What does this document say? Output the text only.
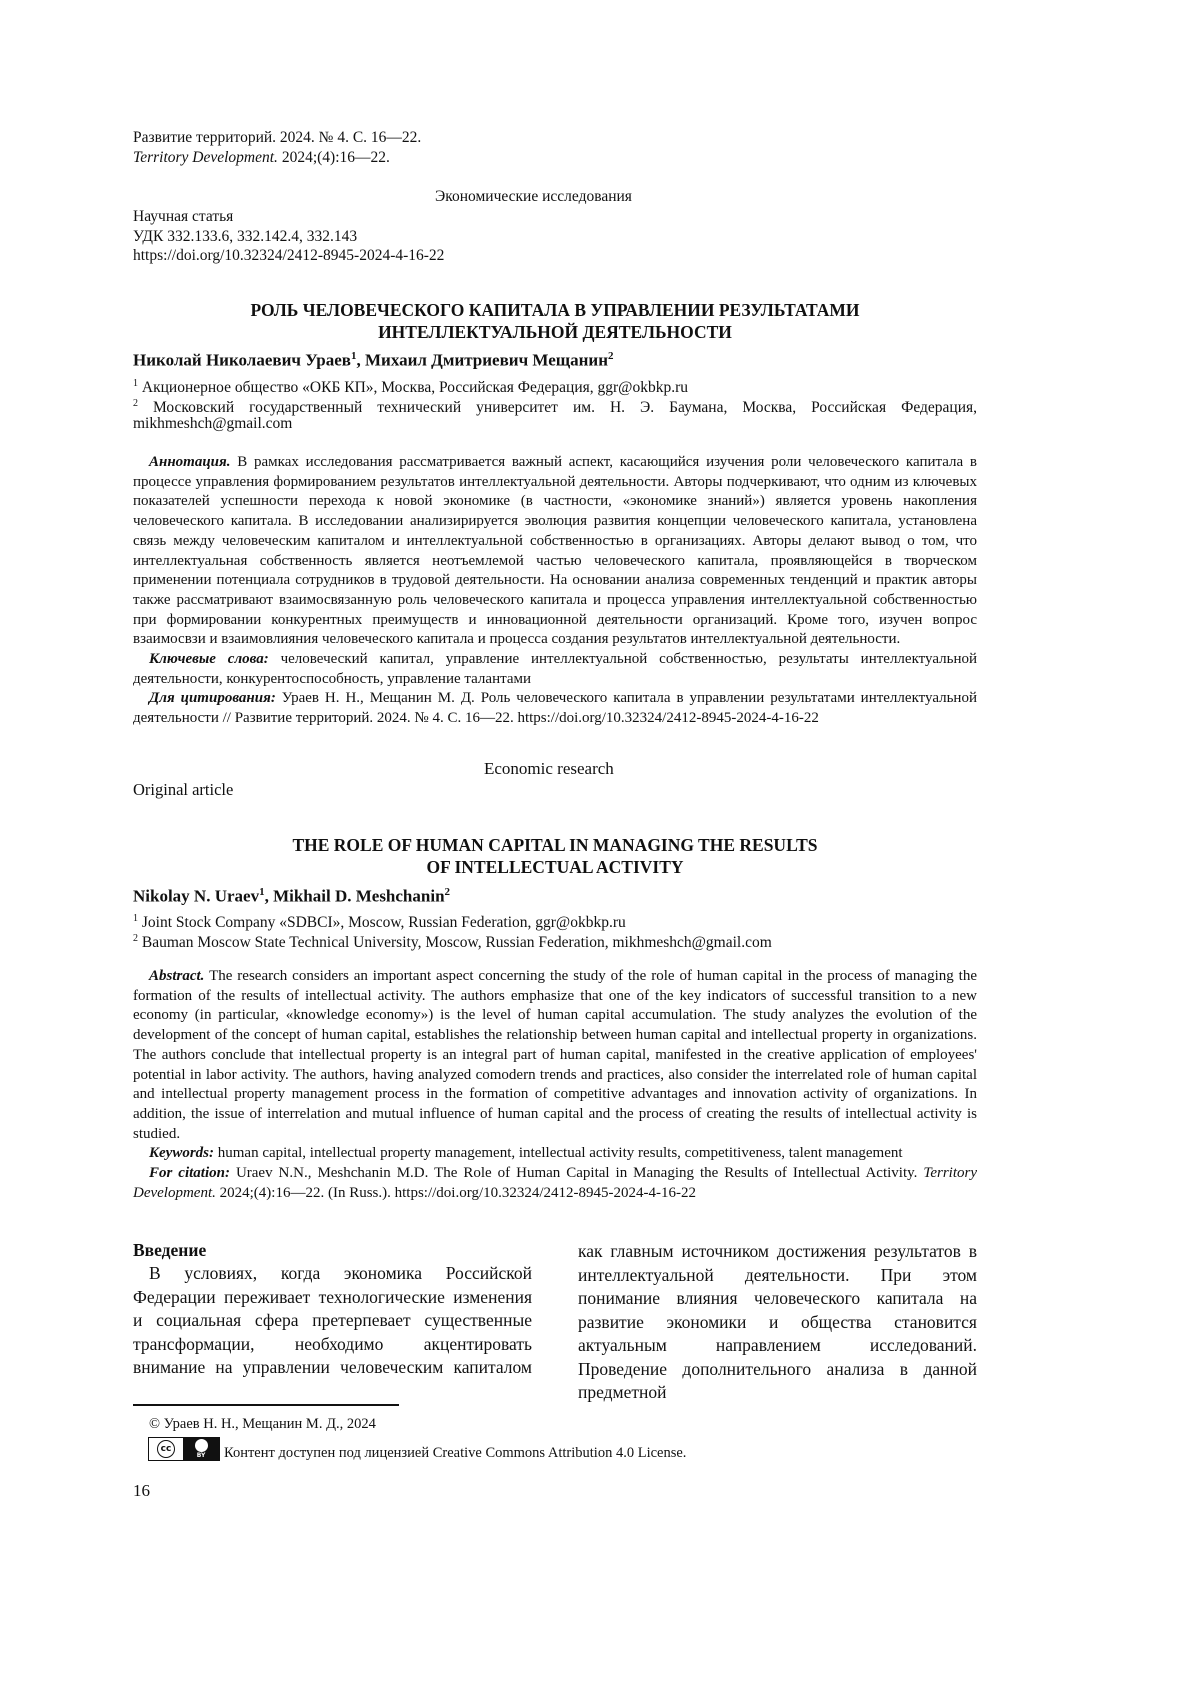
Развитие территорий. 2024. № 4. С. 16—22.
Territory Development. 2024;(4):16—22.
Экономические исследования
Научная статья
УДК 332.133.6, 332.142.4, 332.143
https://doi.org/10.32324/2412-8945-2024-4-16-22
РОЛЬ ЧЕЛОВЕЧЕСКОГО КАПИТАЛА В УПРАВЛЕНИИ РЕЗУЛЬТАТАМИ
ИНТЕЛЛЕКТУАЛЬНОЙ ДЕЯТЕЛЬНОСТИ
Николай Николаевич Ураев$^1$, Михаил Дмитриевич Мещанин$^2$
$^1$ Акционерное общество «ОКБ КП», Москва, Российская Федерация, ggr@okbkp.ru
$^2$ Московский государственный технический университет им. Н. Э. Баумана, Москва, Российская Федерация,
mikhmeshch@gmail.com

Аннотация. В рамках исследования рассматривается важный аспект, касающийся изучения роли человеческого капитала в процессе управления формированием результатов интеллектуальной деятельности. Авторы подчеркивают, что одним из ключевых показателей успешности перехода к новой экономике (в частности, «экономике знаний») является уровень накопления человеческого капитала. В исследовании анализирируется эволюция развития концепции человеческого капитала, установлена связь между человеческим капиталом и интеллектуальной собственностью в организациях. Авторы делают вывод о том, что интеллектуальная собственность является неотъемлемой частью человеческого капитала, проявляющейся в творческом применении потенциала сотрудников в трудовой деятельности. На основании анализа современных тенденций и практик авторы также рассматривают взаимосвязанную роль человеческого капитала и процесса управления интеллектуальной собственностью при формировании конкурентных преимуществ и инновационной деятельности организаций. Кроме того, изучен вопрос взаимосвзи и взаимовлияния человеческого капитала и процесса создания результатов интеллектуальной деятельности.

Ключевые слова: человеческий капитал, управление интеллектуальной собственностью, результаты интеллектуальной деятельности, конкурентоспособность, управление талантами

Для цитирования: Ураев Н. Н., Мещанин М. Д. Роль человеческого капитала в управлении результатами интеллектуальной деятельности // Развитие территорий. 2024. № 4. С. 16—22. https://doi.org/10.32324/2412-8945-2024-4-16-22

Economic research
Original article
THE ROLE OF HUMAN CAPITAL IN MANAGING THE RESULTS
OF INTELLECTUAL ACTIVITY
Nikolay N. Uraev$^1$, Mikhail D. Meshchanin$^2$
$^1$ Joint Stock Company «SDBCI», Moscow, Russian Federation, ggr@okbkp.ru
$^2$ Bauman Moscow State Technical University, Moscow, Russian Federation, mikhmeshch@gmail.com

Abstract. The research considers an important aspect concerning the study of the role of human capital in the process of managing the formation of the results of intellectual activity. The authors emphasize that one of the key indicators of successful transition to a new economy (in particular, «knowledge economy») is the level of human capital accumulation. The study analyzes the evolution of the development of the concept of human capital, establishes the relationship between human capital and intellectual property in organizations. The authors conclude that intellectual property is an integral part of human capital, manifested in the creative application of employees' potential in labor activity. The authors, having analyzed comodern trends and practices, also consider the interrelated role of human capital and intellectual property management process in the formation of competitive advantages and innovation activity of organizations. In addition, the issue of interrelation and mutual influence of human capital and the process of creating the results of intellectual activity is studied.

Keywords: human capital, intellectual property management, intellectual activity results, competitiveness, talent management

For citation: Uraev N.N., Meshchanin M.D. The Role of Human Capital in Managing the Results of Intellectual Activity. Territory Development. 2024;(4):16—22. (In Russ.). https://doi.org/10.32324/2412-8945-2024-4-16-22

Введение

В условиях, когда экономика Российской Федерации переживает технологические изменения и социальная сфера претерпевает существенные трансформации, необходимо акцентировать внимание на управлении человеческим капиталом

как главным источником достижения результатов в интеллектуальной деятельности. При этом понимание влияния человеческого капитала на развитие экономики и общества становится актуальным направлением исследований. Проведение дополнительного анализа в данной предметной

© Ураев Н. Н., Мещанин М. Д., 2024
cc
BY Контент доступен под лицензией Creative Commons Attribution 4.0 License.
16
